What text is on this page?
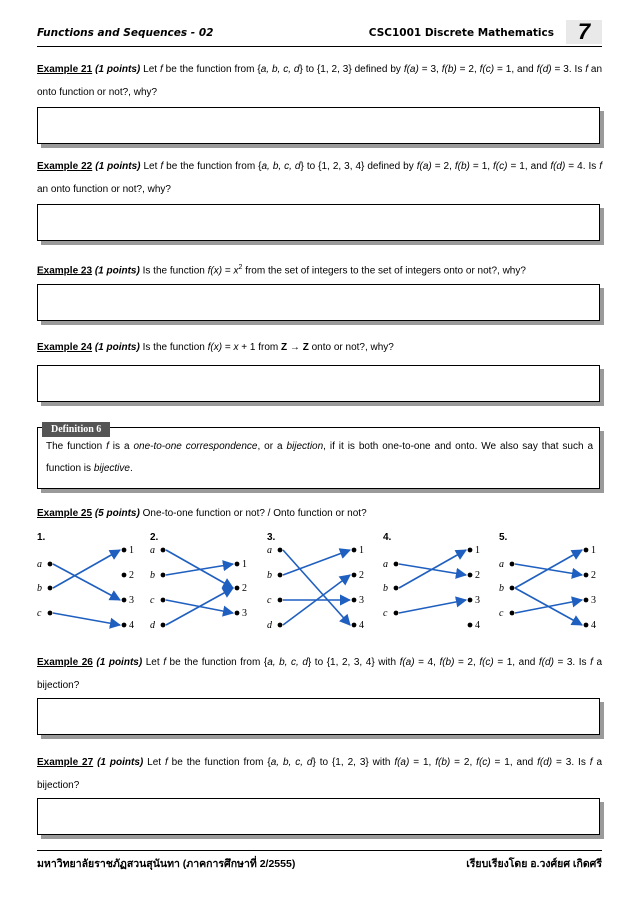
Functions and Sequences - 02	CSC1001 Discrete Mathematics	7
Example 21 (1 points) Let f be the function from {a, b, c, d} to {1, 2, 3} defined by f(a) = 3, f(b) = 2, f(c) = 1, and f(d) = 3. Is f an onto function or not?, why?
Example 22 (1 points) Let f be the function from {a, b, c, d} to {1, 2, 3, 4} defined by f(a) = 2, f(b) = 1, f(c) = 1, and f(d) = 4. Is f an onto function or not?, why?
Example 23 (1 points) Is the function $f(x) = x^2$ from the set of integers to the set of integers onto or not?, why?
Example 24 (1 points) Is the function f(x) = x + 1 from Z → Z onto or not?, why?
Definition 6
The function f is a one-to-one correspondence, or a bijection, if it is both one-to-one and onto. We also say that such a function is bijective.
Example 25 (5 points) One-to-one function or not? / Onto function or not?
1.
a
b
c
1
2
3
4
2.
a
b
c
d
1
2
3
3.
a
b
c
d
1
2
3
4
4.
a
b
c
1
2
3
4
5.
a
b
c
1
2
3
4
Example 26 (1 points) Let f be the function from {a, b, c, d} to {1, 2, 3, 4} with f(a) = 4, f(b) = 2, f(c) = 1, and f(d) = 3. Is f a bijection?
Example 27 (1 points) Let f be the function from {a, b, c, d} to {1, 2, 3} with f(a) = 1, f(b) = 2, f(c) = 1, and f(d) = 3. Is f a bijection?
มหาวิทยาลัยราชภัฏสวนสุนันทา (ภาคการศึกษาที่ 2/2555)	เรียบเรียงโดย อ.วงศ์ยศ เกิดศรี
